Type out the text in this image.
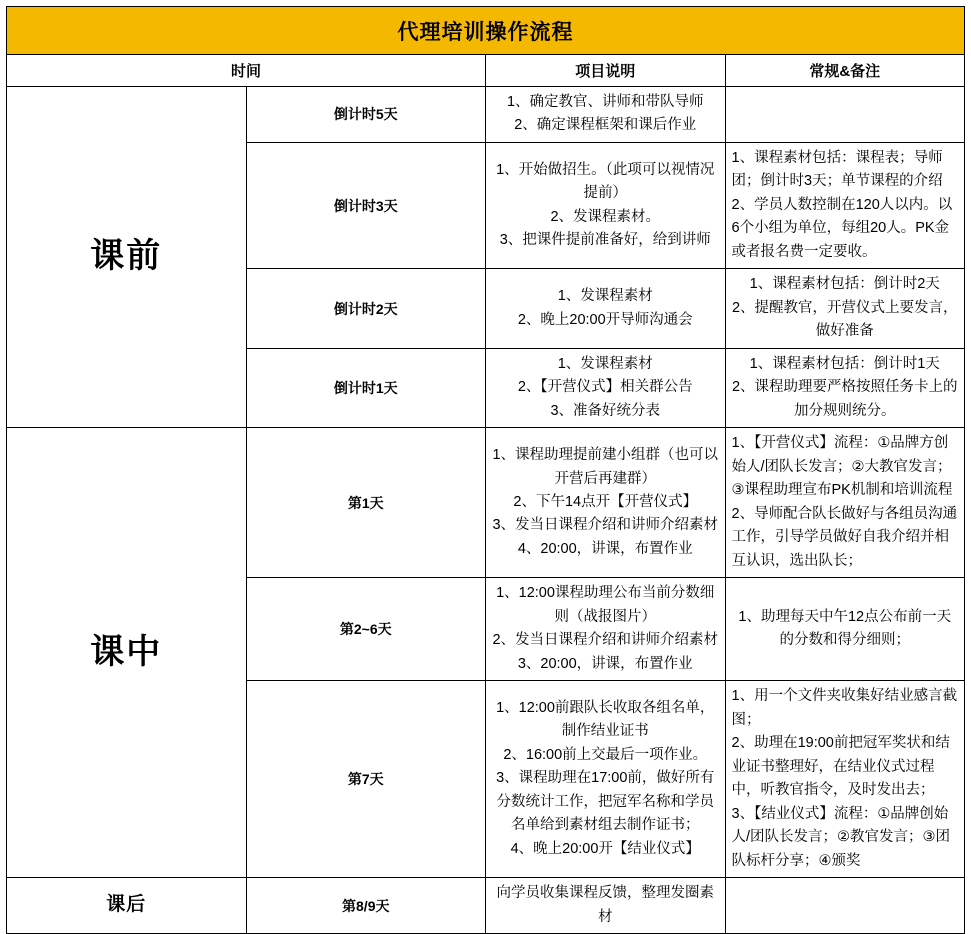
代理培训操作流程			
时间		项目说明	常规&备注
课前	倒计时5天	1、确定教官、讲师和带队导师
2、确定课程框架和课后作业	

	倒计时3天	1、开始做招生。（此项可以视情况提前）
2、发课程素材。
3、把课件提前准备好，给到讲师	1、课程素材包括：课程表；导师团；倒计时3天；单节课程的介绍
2、学员人数控制在120人以内。以6个小组为单位，每组20人。PK金或者报名费一定要收。

	倒计时2天	1、发课程素材
2、晚上20:00开导师沟通会	1、课程素材包括：倒计时2天
2、提醒教官，开营仪式上要发言，做好准备

	倒计时1天	1、发课程素材
2、【开营仪式】相关群公告
3、准备好统分表	1、课程素材包括：倒计时1天
2、课程助理要严格按照任务卡上的加分规则统分。

课中	第1天	1、课程助理提前建小组群（也可以开营后再建群）
2、下午14点开【开营仪式】
3、发当日课程介绍和讲师介绍素材
4、20:00，讲课，布置作业	1、【开营仪式】流程：①品牌方创始人/团队长发言；②大教官发言；③课程助理宣布PK机制和培训流程
2、导师配合队长做好与各组员沟通工作，引导学员做好自我介绍并相互认识，选出队长；

	第2~6天	1、12:00课程助理公布当前分数细则（战报图片）
2、发当日课程介绍和讲师介绍素材
3、20:00，讲课，布置作业	1、助理每天中午12点公布前一天的分数和得分细则；

	第7天	1、12:00前跟队长收取各组名单，制作结业证书
2、16:00前上交最后一项作业。
3、课程助理在17:00前，做好所有分数统计工作，把冠军名称和学员名单给到素材组去制作证书；
4、晚上20:00开【结业仪式】	1、用一个文件夹收集好结业感言截图；
2、助理在19:00前把冠军奖状和结业证书整理好，在结业仪式过程中，听教官指令，及时发出去；
3、【结业仪式】流程：①品牌创始人/团队长发言；②教官发言；③团队标杆分享；④颁奖

课后	第8/9天	向学员收集课程反馈，整理发圈素材	
